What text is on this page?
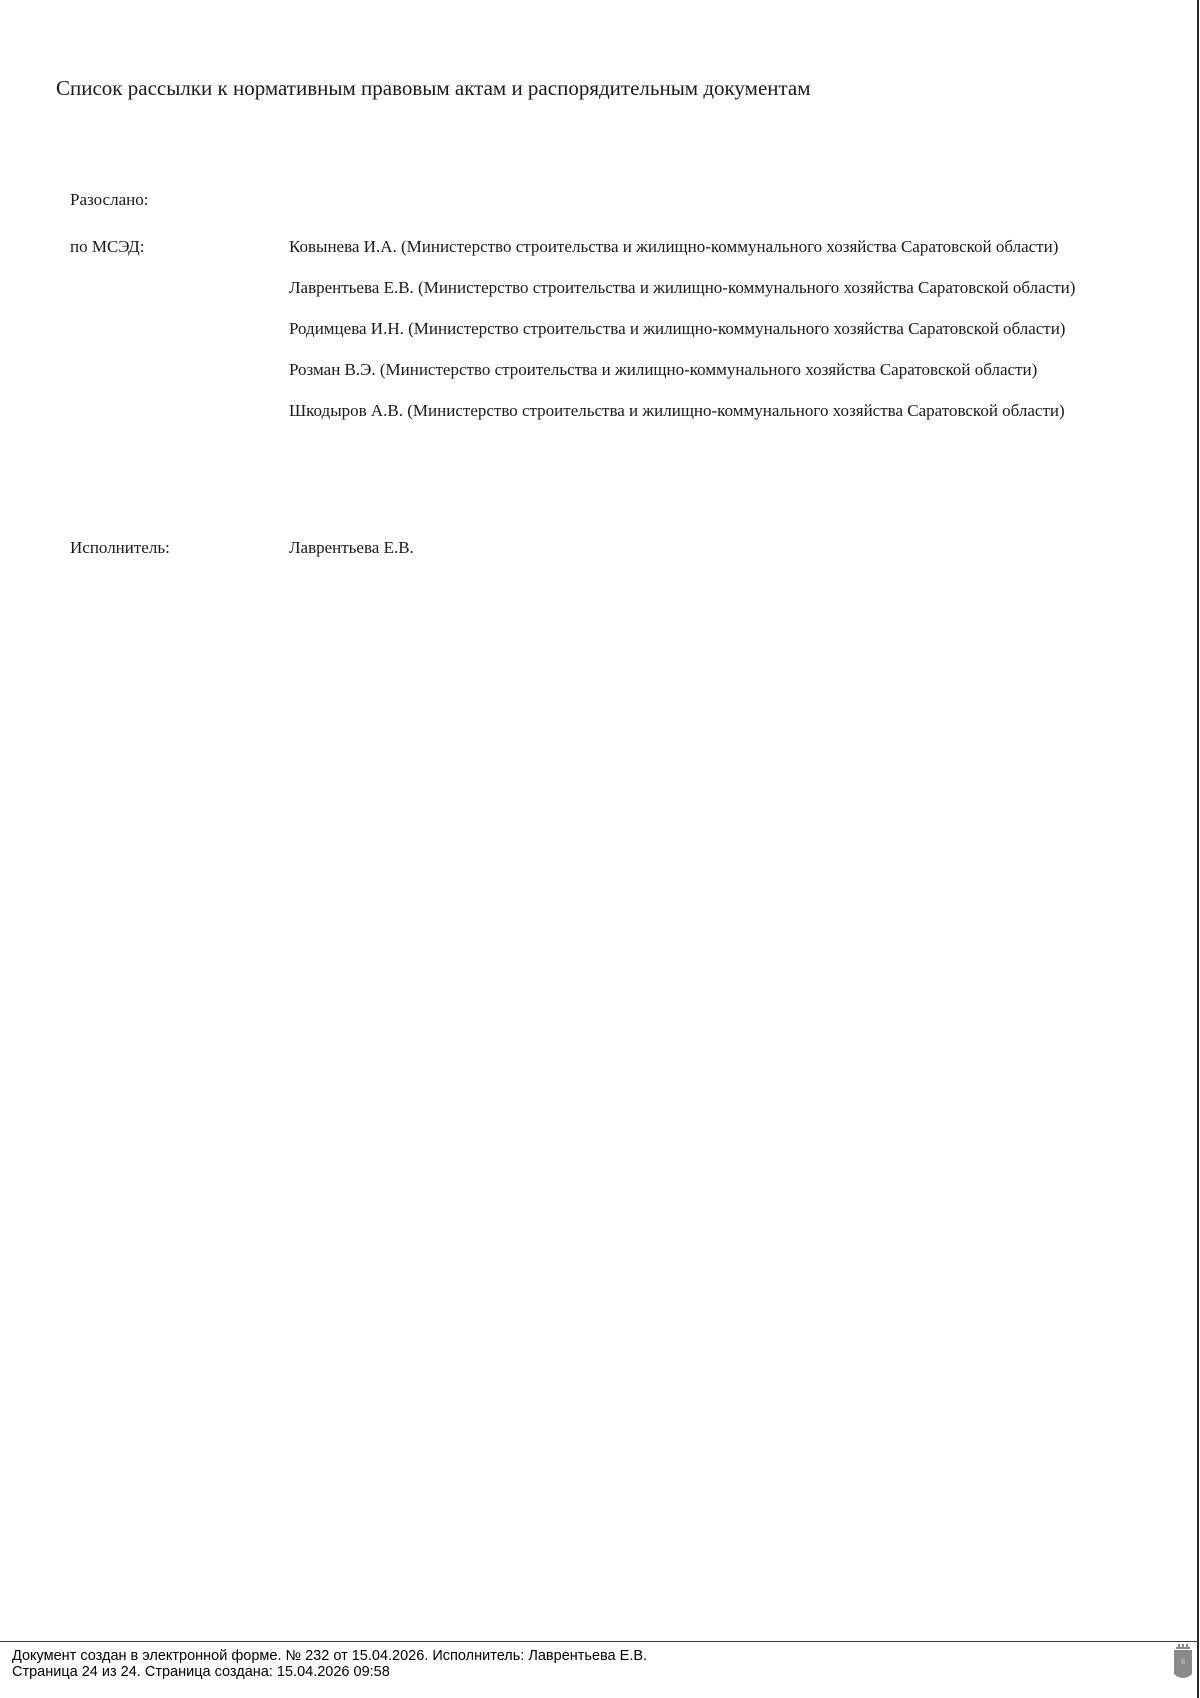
Список рассылки к нормативным правовым актам и распорядительным документам
Разослано:
по МСЭД:	Ковынева И.А. (Министерство строительства и жилищно-коммунального хозяйства Саратовской области)
Лаврентьева Е.В. (Министерство строительства и жилищно-коммунального хозяйства Саратовской области)
Родимцева И.Н. (Министерство строительства и жилищно-коммунального хозяйства Саратовской области)
Розман В.Э. (Министерство строительства и жилищно-коммунального хозяйства Саратовской области)
Шкодыров А.В. (Министерство строительства и жилищно-коммунального хозяйства Саратовской области)
Исполнитель:	Лаврентьева Е.В.
Документ создан в электронной форме. № 232 от 15.04.2026. Исполнитель: Лаврентьева Е.В.
Страница 24 из 24. Страница создана: 15.04.2026 09:58
